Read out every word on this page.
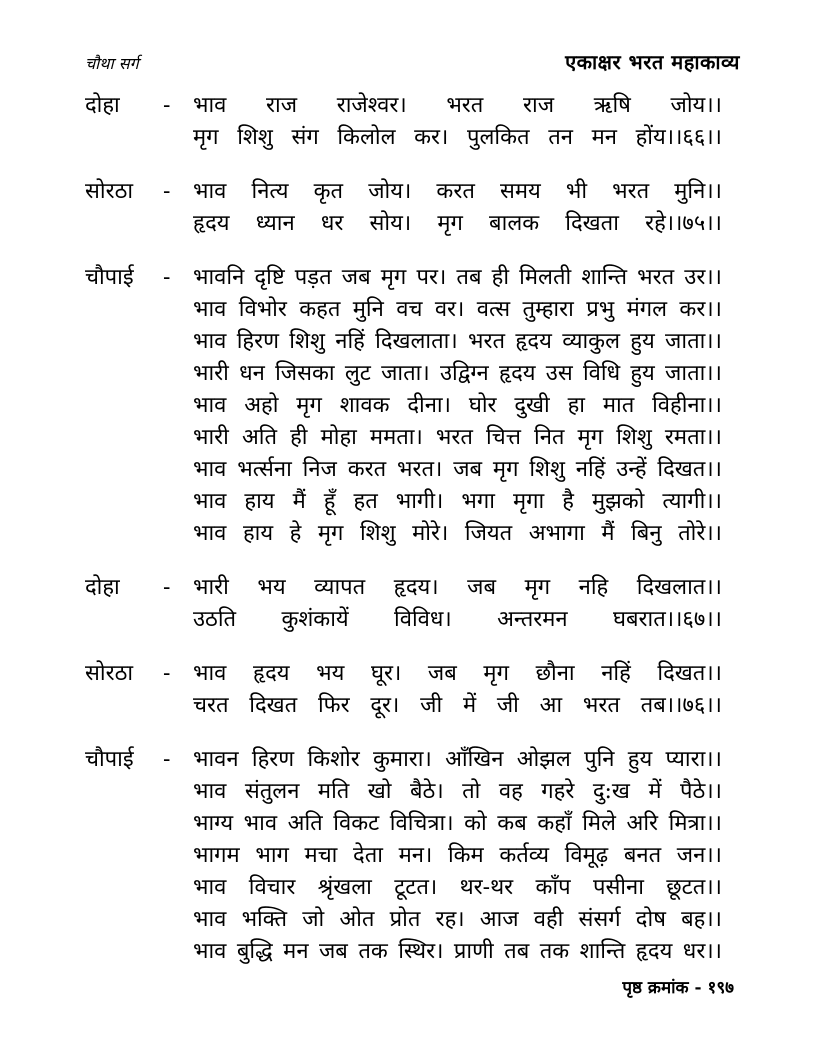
चौथा सर्ग	एकाक्षर भरत महाकाव्य
दोहा	-	भाव राज राजेश्वर। भरत राज ऋषि जोय।।
मृग शिशु संग किलोल कर। पुलकित तन मन होंय।।६६।।
सोरठा	-	भाव नित्य कृत जोय। करत समय भी भरत मुनि।।
हृदय ध्यान धर सोय। मृग बालक दिखता रहे।।७५।।
चौपाई	-	भावनि दृष्टि पड़त जब मृग पर। तब ही मिलती शान्ति भरत उर।।
भाव विभोर कहत मुनि वच वर। वत्स तुम्हारा प्रभु मंगल कर।।
भाव हिरण शिशु नहिं दिखलाता। भरत हृदय व्याकुल हुय जाता।।
भारी धन जिसका लुट जाता। उद्विग्न हृदय उस विधि हुय जाता।।
भाव अहो मृग शावक दीना। घोर दुखी हा मात विहीना।।
भारी अति ही मोहा ममता। भरत चित्त नित मृग शिशु रमता।।
भाव भर्त्सना निज करत भरत। जब मृग शिशु नहिं उन्हें दिखत।।
भाव हाय मैं हूँ हत भागी। भगा मृगा है मुझको त्यागी।।
भाव हाय हे मृग शिशु मोरे। जियत अभागा मैं बिनु तोरे।।
दोहा	-	भारी भय व्यापत हृदय। जब मृग नहि दिखलात।।
उठति कुशंकायें विविध। अन्तरमन घबरात।।६७।।
सोरठा	-	भाव हृदय भय घूर। जब मृग छौना नहिं दिखत।।
चरत दिखत फिर दूर। जी में जी आ भरत तब।।७६।।
चौपाई	-	भावन हिरण किशोर कुमारा। आँखिन ओझल पुनि हुय प्यारा।।
भाव संतुलन मति खो बैठे। तो वह गहरे दु:ख में पैठे।।
भाग्य भाव अति विकट विचित्रा। को कब कहाँ मिले अरि मित्रा।।
भागम भाग मचा देता मन। किम कर्तव्य विमूढ़ बनत जन।।
भाव विचार श्रृंखला टूटत। थर-थर काँप पसीना छूटत।।
भाव भक्ति जो ओत प्रोत रह। आज वही संसर्ग दोष बह।।
भाव बुद्धि मन जब तक स्थिर। प्राणी तब तक शान्ति हृदय धर।।
पृष्ठ क्रमांक - १९७
